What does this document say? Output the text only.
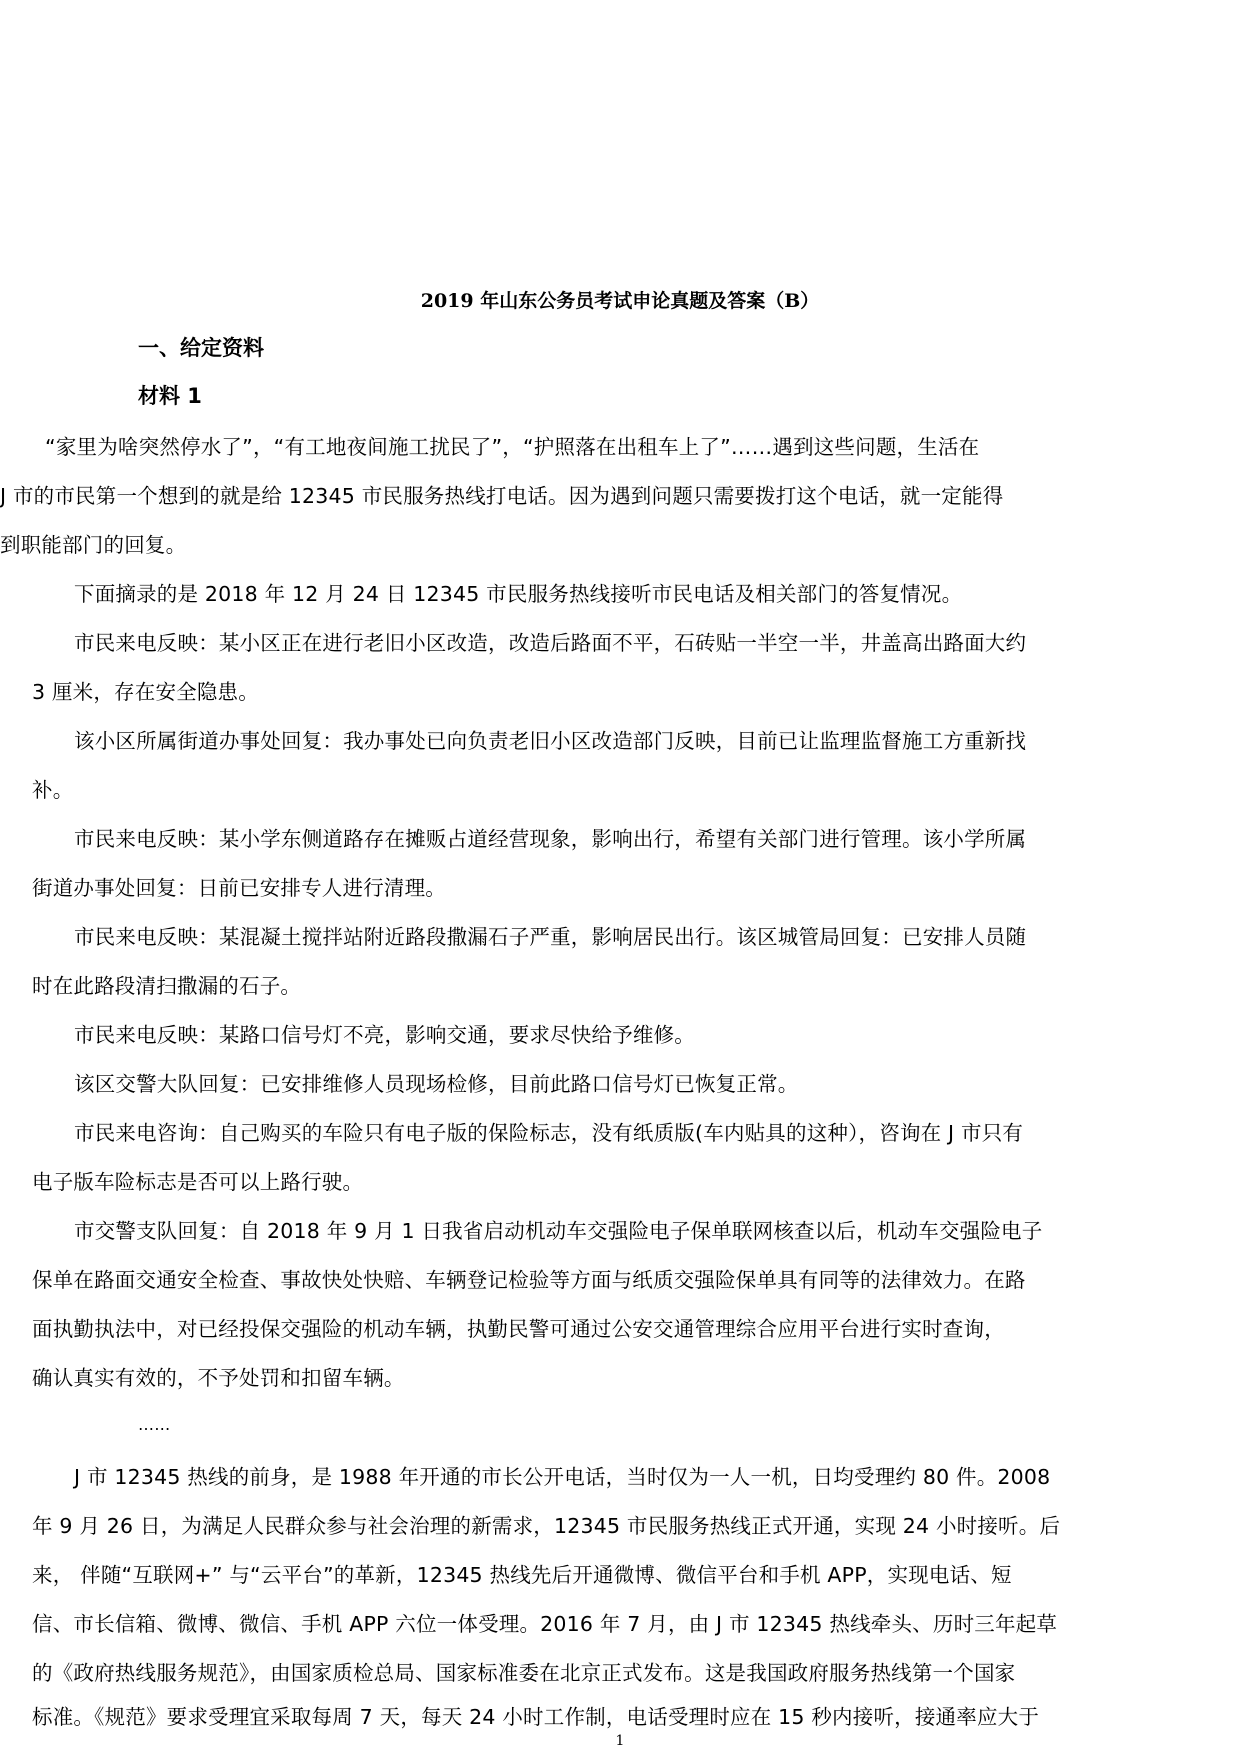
2019 年山东公务员考试申论真题及答案（B）
一、给定资料
材料 1
“家里为啥突然停水了”，“有工地夜间施工扰民了”，“护照落在出租车上了”……遇到这些问题，生活在
J 市的市民第一个想到的就是给 12345 市民服务热线打电话。因为遇到问题只需要拨打这个电话，就一定能得
到职能部门的回复。
下面摘录的是 2018 年 12 月 24 日 12345 市民服务热线接听市民电话及相关部门的答复情况。
市民来电反映：某小区正在进行老旧小区改造，改造后路面不平，石砖贴一半空一半，井盖高出路面大约
3 厘米，存在安全隐患。
该小区所属街道办事处回复：我办事处已向负责老旧小区改造部门反映，目前已让监理监督施工方重新找
补。
市民来电反映：某小学东侧道路存在摊贩占道经营现象，影响出行，希望有关部门进行管理。该小学所属
街道办事处回复：日前已安排专人进行清理。
市民来电反映：某混凝土搅拌站附近路段撒漏石子严重，影响居民出行。该区城管局回复：已安排人员随
时在此路段清扫撒漏的石子。
市民来电反映：某路口信号灯不亮，影响交通，要求尽快给予维修。
该区交警大队回复：已安排维修人员现场检修，目前此路口信号灯已恢复正常。
市民来电咨询：自己购买的车险只有电子版的保险标志，没有纸质版(车内贴具的这种），咨询在 J 市只有
电子版车险标志是否可以上路行驶。
市交警支队回复：自 2018 年 9 月 1 日我省启动机动车交强险电子保单联网核查以后，机动车交强险电子
保单在路面交通安全检查、事故快处快赔、车辆登记检验等方面与纸质交强险保单具有同等的法律效力。在路
面执勤执法中，对已经投保交强险的机动车辆，执勤民警可通过公安交通管理综合应用平台进行实时查询，
确认真实有效的，不予处罚和扣留车辆。
……
J 市 12345 热线的前身，是 1988 年开通的市长公开电话，当时仅为一人一机，日均受理约 80 件。2008
年 9 月 26 日，为满足人民群众参与社会治理的新需求，12345 市民服务热线正式开通，实现 24 小时接听。后
来， 伴随“互联网+” 与“云平台”的革新，12345 热线先后开通微博、微信平台和手机 APP，实现电话、短
信、市长信箱、微博、微信、手机 APP 六位一体受理。2016 年 7 月，由 J 市 12345 热线牵头、历时三年起草
的《政府热线服务规范》，由国家质检总局、国家标准委在北京正式发布。这是我国政府服务热线第一个国家
标准。《规范》要求受理宜采取每周 7 天，每天 24 小时工作制，电话受理时应在 15 秒内接听，接通率应大于
1
